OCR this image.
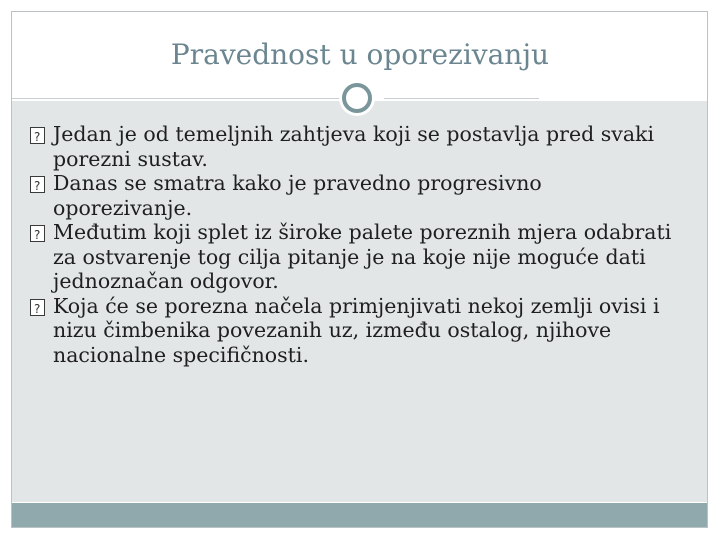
Pravednost u oporezivanju
?
Jedan je od temeljnih zahtjeva koji se postavlja pred svaki porezni sustav.
?
Danas se smatra kako je pravedno progresivno oporezivanje.
?
Međutim koji splet iz široke palete poreznih mjera odabrati za ostvarenje tog cilja pitanje je na koje nije moguće dati jednoznačan odgovor.
?
Koja će se porezna načela primjenjivati nekoj zemlji ovisi i nizu čimbenika povezanih uz, između ostalog, njihove nacionalne specifičnosti.
